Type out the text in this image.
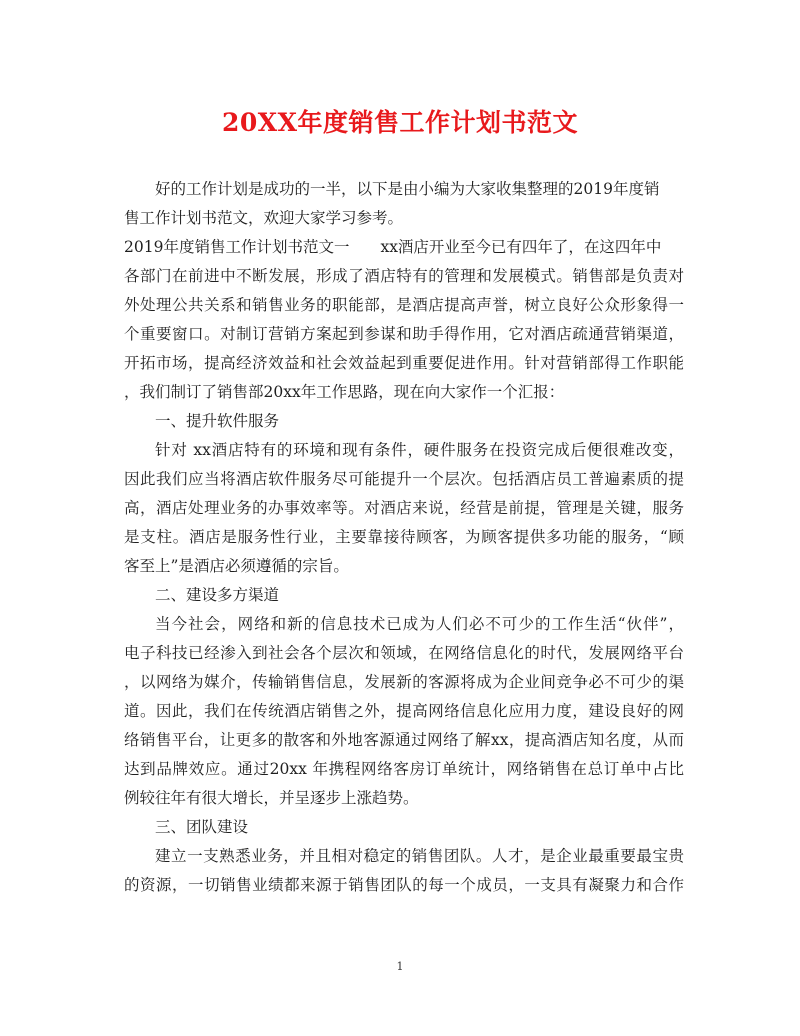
20XX年度销售工作计划书范文
好的工作计划是成功的一半，以下是由小编为大家收集整理的2019年度销
售工作计划书范文，欢迎大家学习参考。
2019年度销售工作计划书范文一　　xx酒店开业至今已有四年了，在这四年中
各部门在前进中不断发展，形成了酒店特有的管理和发展模式。销售部是负责对
外处理公共关系和销售业务的职能部，是酒店提高声誉，树立良好公众形象得一
个重要窗口。对制订营销方案起到参谋和助手得作用，它对酒店疏通营销渠道，
开拓市场，提高经济效益和社会效益起到重要促进作用。针对营销部得工作职能
，我们制订了销售部20xx年工作思路，现在向大家作一个汇报：
一、提升软件服务
针对 xx酒店特有的环境和现有条件，硬件服务在投资完成后便很难改变，
因此我们应当将酒店软件服务尽可能提升一个层次。包括酒店员工普遍素质的提
高，酒店处理业务的办事效率等。对酒店来说，经营是前提，管理是关键，服务
是支柱。酒店是服务性行业，主要靠接待顾客，为顾客提供多功能的服务，“顾
客至上”是酒店必须遵循的宗旨。
二、建设多方渠道
当今社会，网络和新的信息技术已成为人们必不可少的工作生活“伙伴”，
电子科技已经渗入到社会各个层次和领域，在网络信息化的时代，发展网络平台
，以网络为媒介，传输销售信息，发展新的客源将成为企业间竞争必不可少的渠
道。因此，我们在传统酒店销售之外，提高网络信息化应用力度，建设良好的网
络销售平台，让更多的散客和外地客源通过网络了解xx，提高酒店知名度，从而
达到品牌效应。通过20xx 年携程网络客房订单统计，网络销售在总订单中占比
例较往年有很大增长，并呈逐步上涨趋势。
三、团队建设
建立一支熟悉业务，并且相对稳定的销售团队。人才，是企业最重要最宝贵
的资源，一切销售业绩都来源于销售团队的每一个成员，一支具有凝聚力和合作
1
